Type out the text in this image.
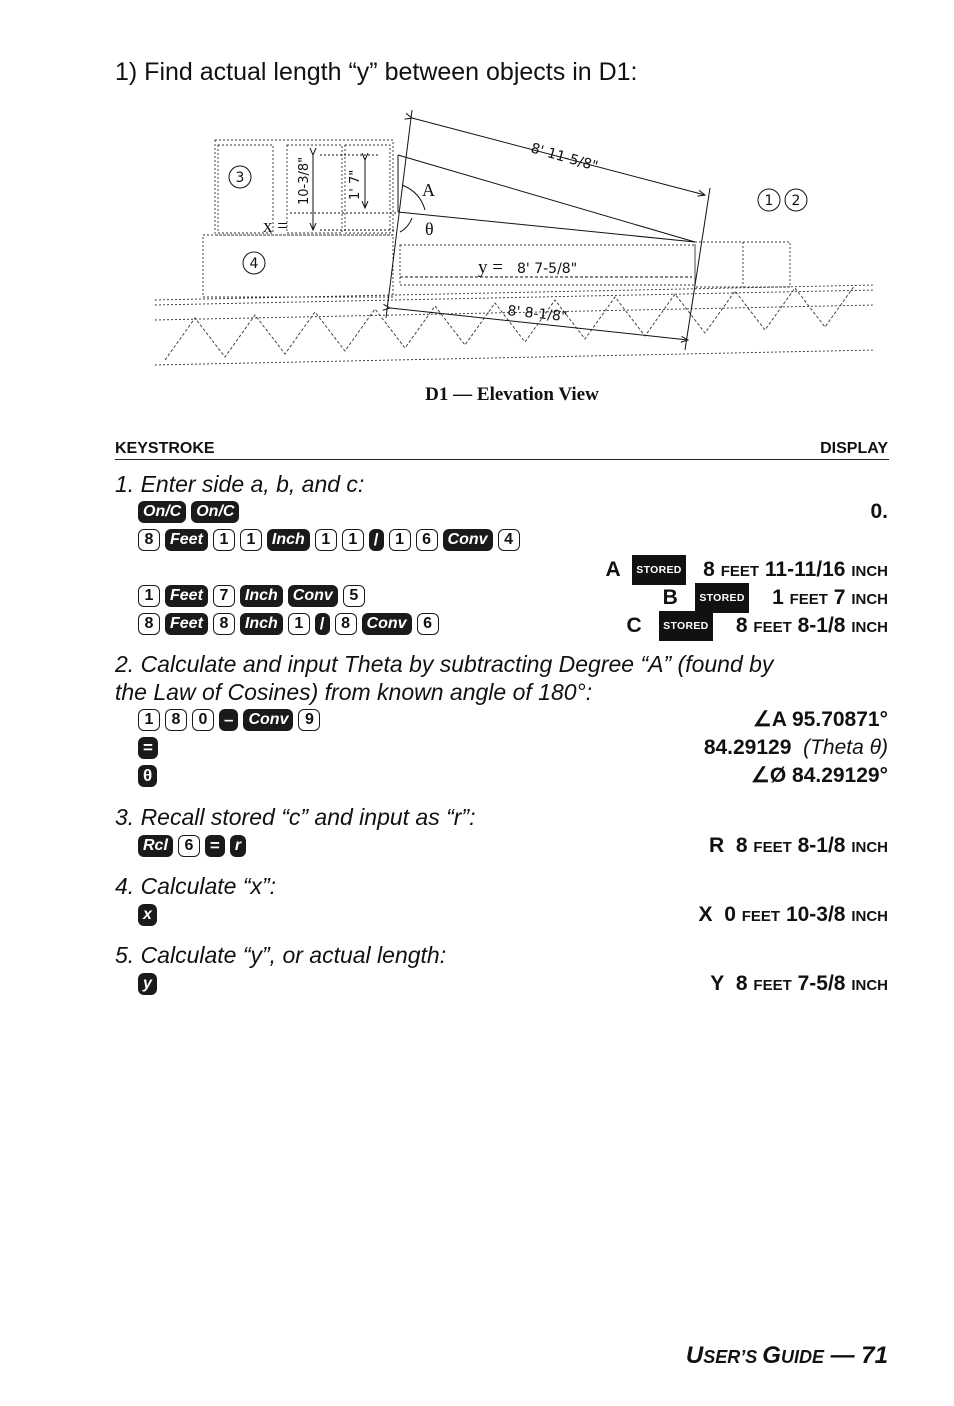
1) Find actual length “y” between objects in D1:
8' 11-5/8"
y = 8' 7-5/8"
8' 8-1/8"
10-3/8"	1' 7"
x =
A
θ
3
4
1 2
D1 — Elevation View
KEYSTROKE	DISPLAY
1. Enter side a, b, and c:
On/C On/C	0.
8	Feet	1	1	Inch	1	1 /	1	6	Conv	4
A STORED 8 FEET 11-11/16 INCH
1	Feet	7	Inch Conv	5	B STORED 1 FEET 7 INCH
8	Feet	8	Inch	1 /	8	Conv	6	C STORED 8 FEET 8-1/8 INCH
2. Calculate and input Theta by subtracting Degree “A” (found by
the Law of Cosines) from known angle of 180°:
1	8	0 – Conv	9	∠A 95.70871°
=	84.29129 (Theta θ)
θ	∠Ø 84.29129°
3. Recall stored “c” and input as “r”:
Rcl	6 = r	R 8 FEET 8-1/8 INCH
4. Calculate “x”:
x	X 0 FEET 10-3/8 INCH
5. Calculate “y”, or actual length:
y	Y 8 FEET 7-5/8 INCH
USER’S GUIDE — 71
